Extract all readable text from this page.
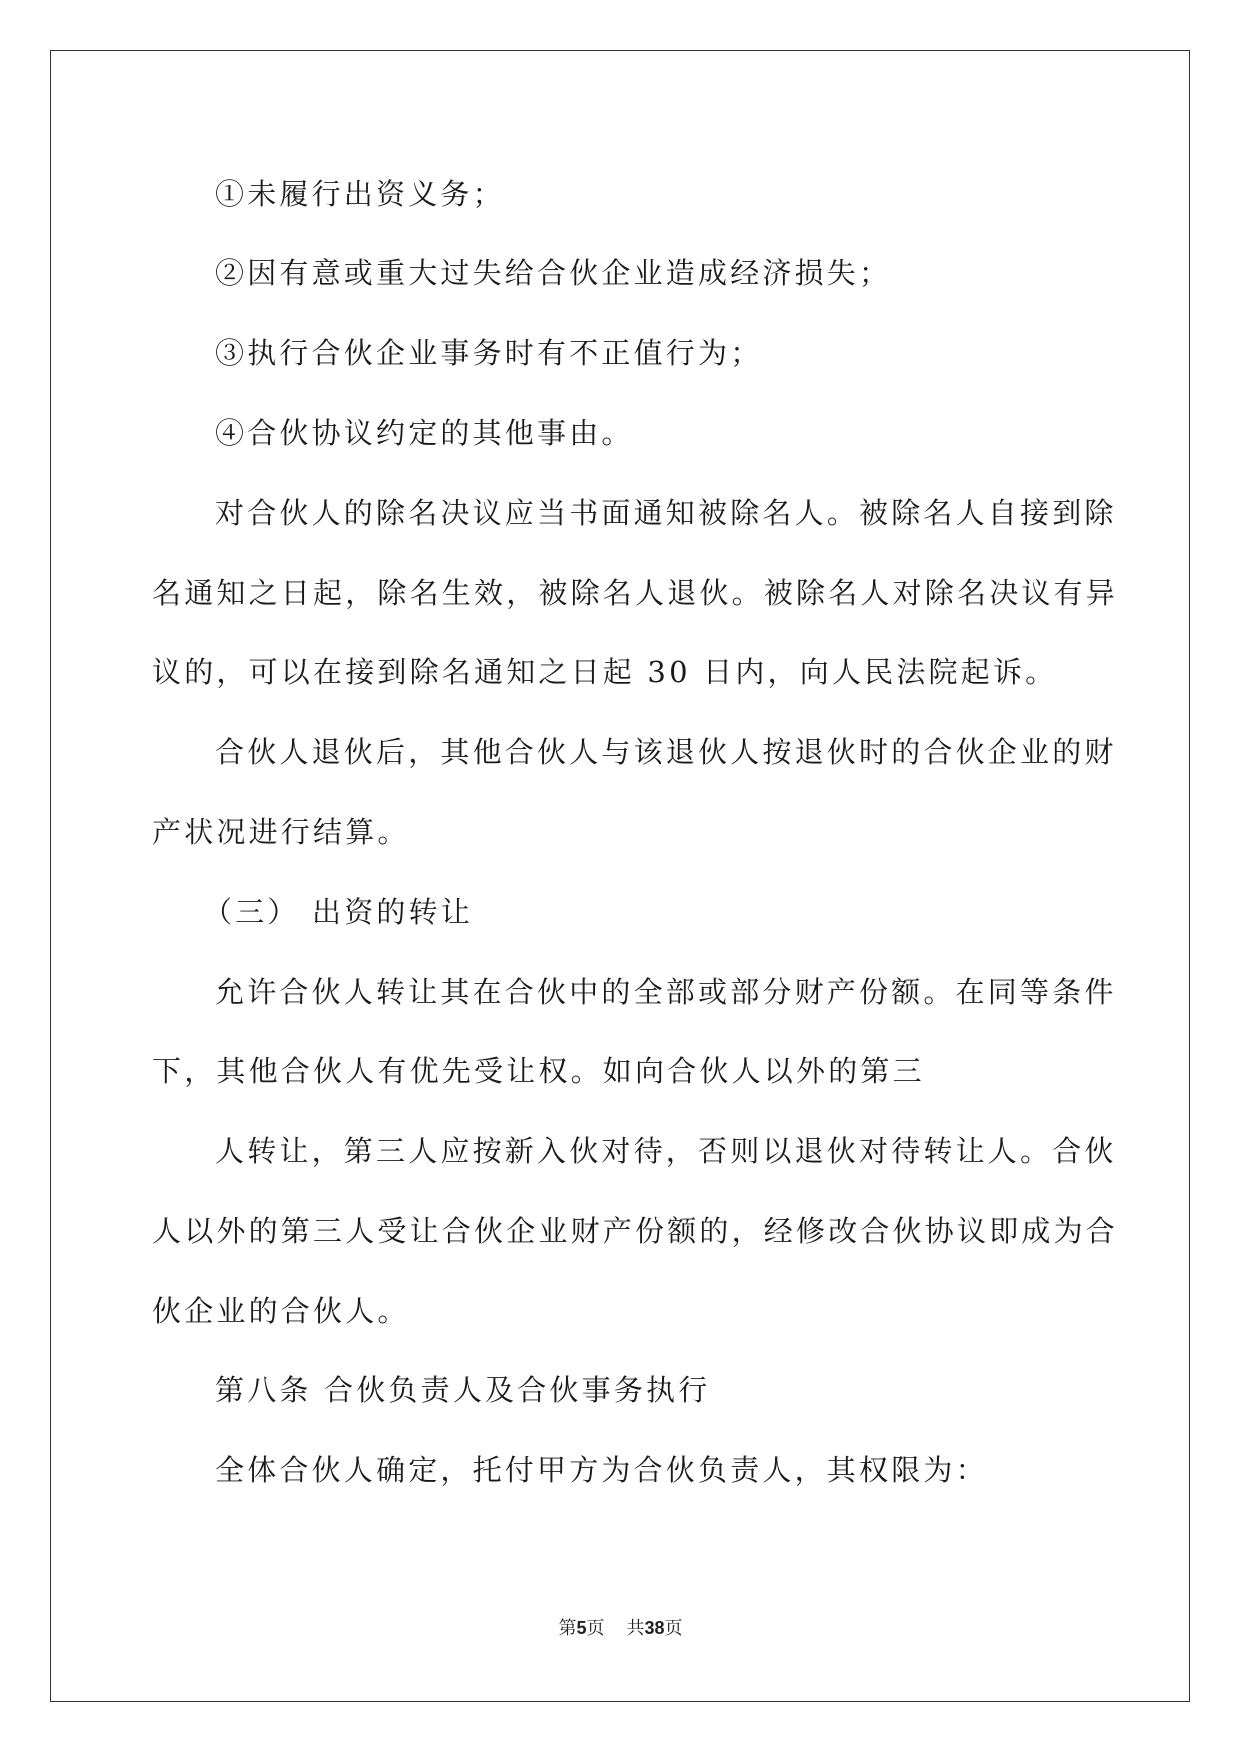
①未履行出资义务；
②因有意或重大过失给合伙企业造成经济损失；
③执行合伙企业事务时有不正值行为；
④合伙协议约定的其他事由。
对合伙人的除名决议应当书面通知被除名人。被除名人自接到除
名通知之日起，除名生效，被除名人退伙。被除名人对除名决议有异
议的，可以在接到除名通知之日起 30 日内，向人民法院起诉。
合伙人退伙后，其他合伙人与该退伙人按退伙时的合伙企业的财
产状况进行结算。
（三） 出资的转让
允许合伙人转让其在合伙中的全部或部分财产份额。在同等条件
下，其他合伙人有优先受让权。如向合伙人以外的第三
人转让，第三人应按新入伙对待，否则以退伙对待转让人。合伙
人以外的第三人受让合伙企业财产份额的，经修改合伙协议即成为合
伙企业的合伙人。
第八条 合伙负责人及合伙事务执行
全体合伙人确定，托付甲方为合伙负责人，其权限为：
第5页 共38页
